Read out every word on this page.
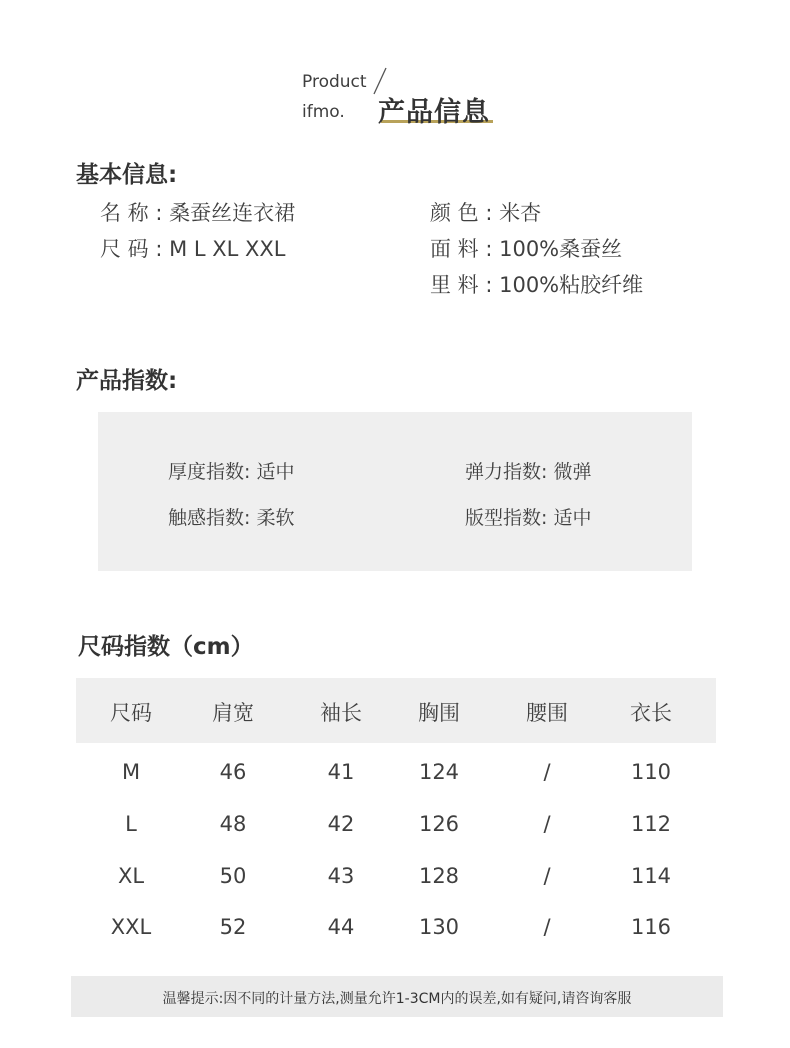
Product
ifmo. 产品信息
基本信息:
名 称 : 桑蚕丝连衣裙
尺 码 : M L XL XXL
颜 色 : 米杏
面 料 : 100%桑蚕丝
里 料 : 100%粘胶纤维
产品指数:
厚度指数: 适中	弹力指数: 微弹
触感指数: 柔软	版型指数: 适中
尺码指数（cm）
尺码	肩宽	袖长	胸围	腰围	衣长
M	46	41	124	/	110
L	48	42	126	/	112
XL	50	43	128	/	114
XXL	52	44	130	/	116
温馨提示:因不同的计量方法,测量允许1-3CM内的误差,如有疑问,请咨询客服
